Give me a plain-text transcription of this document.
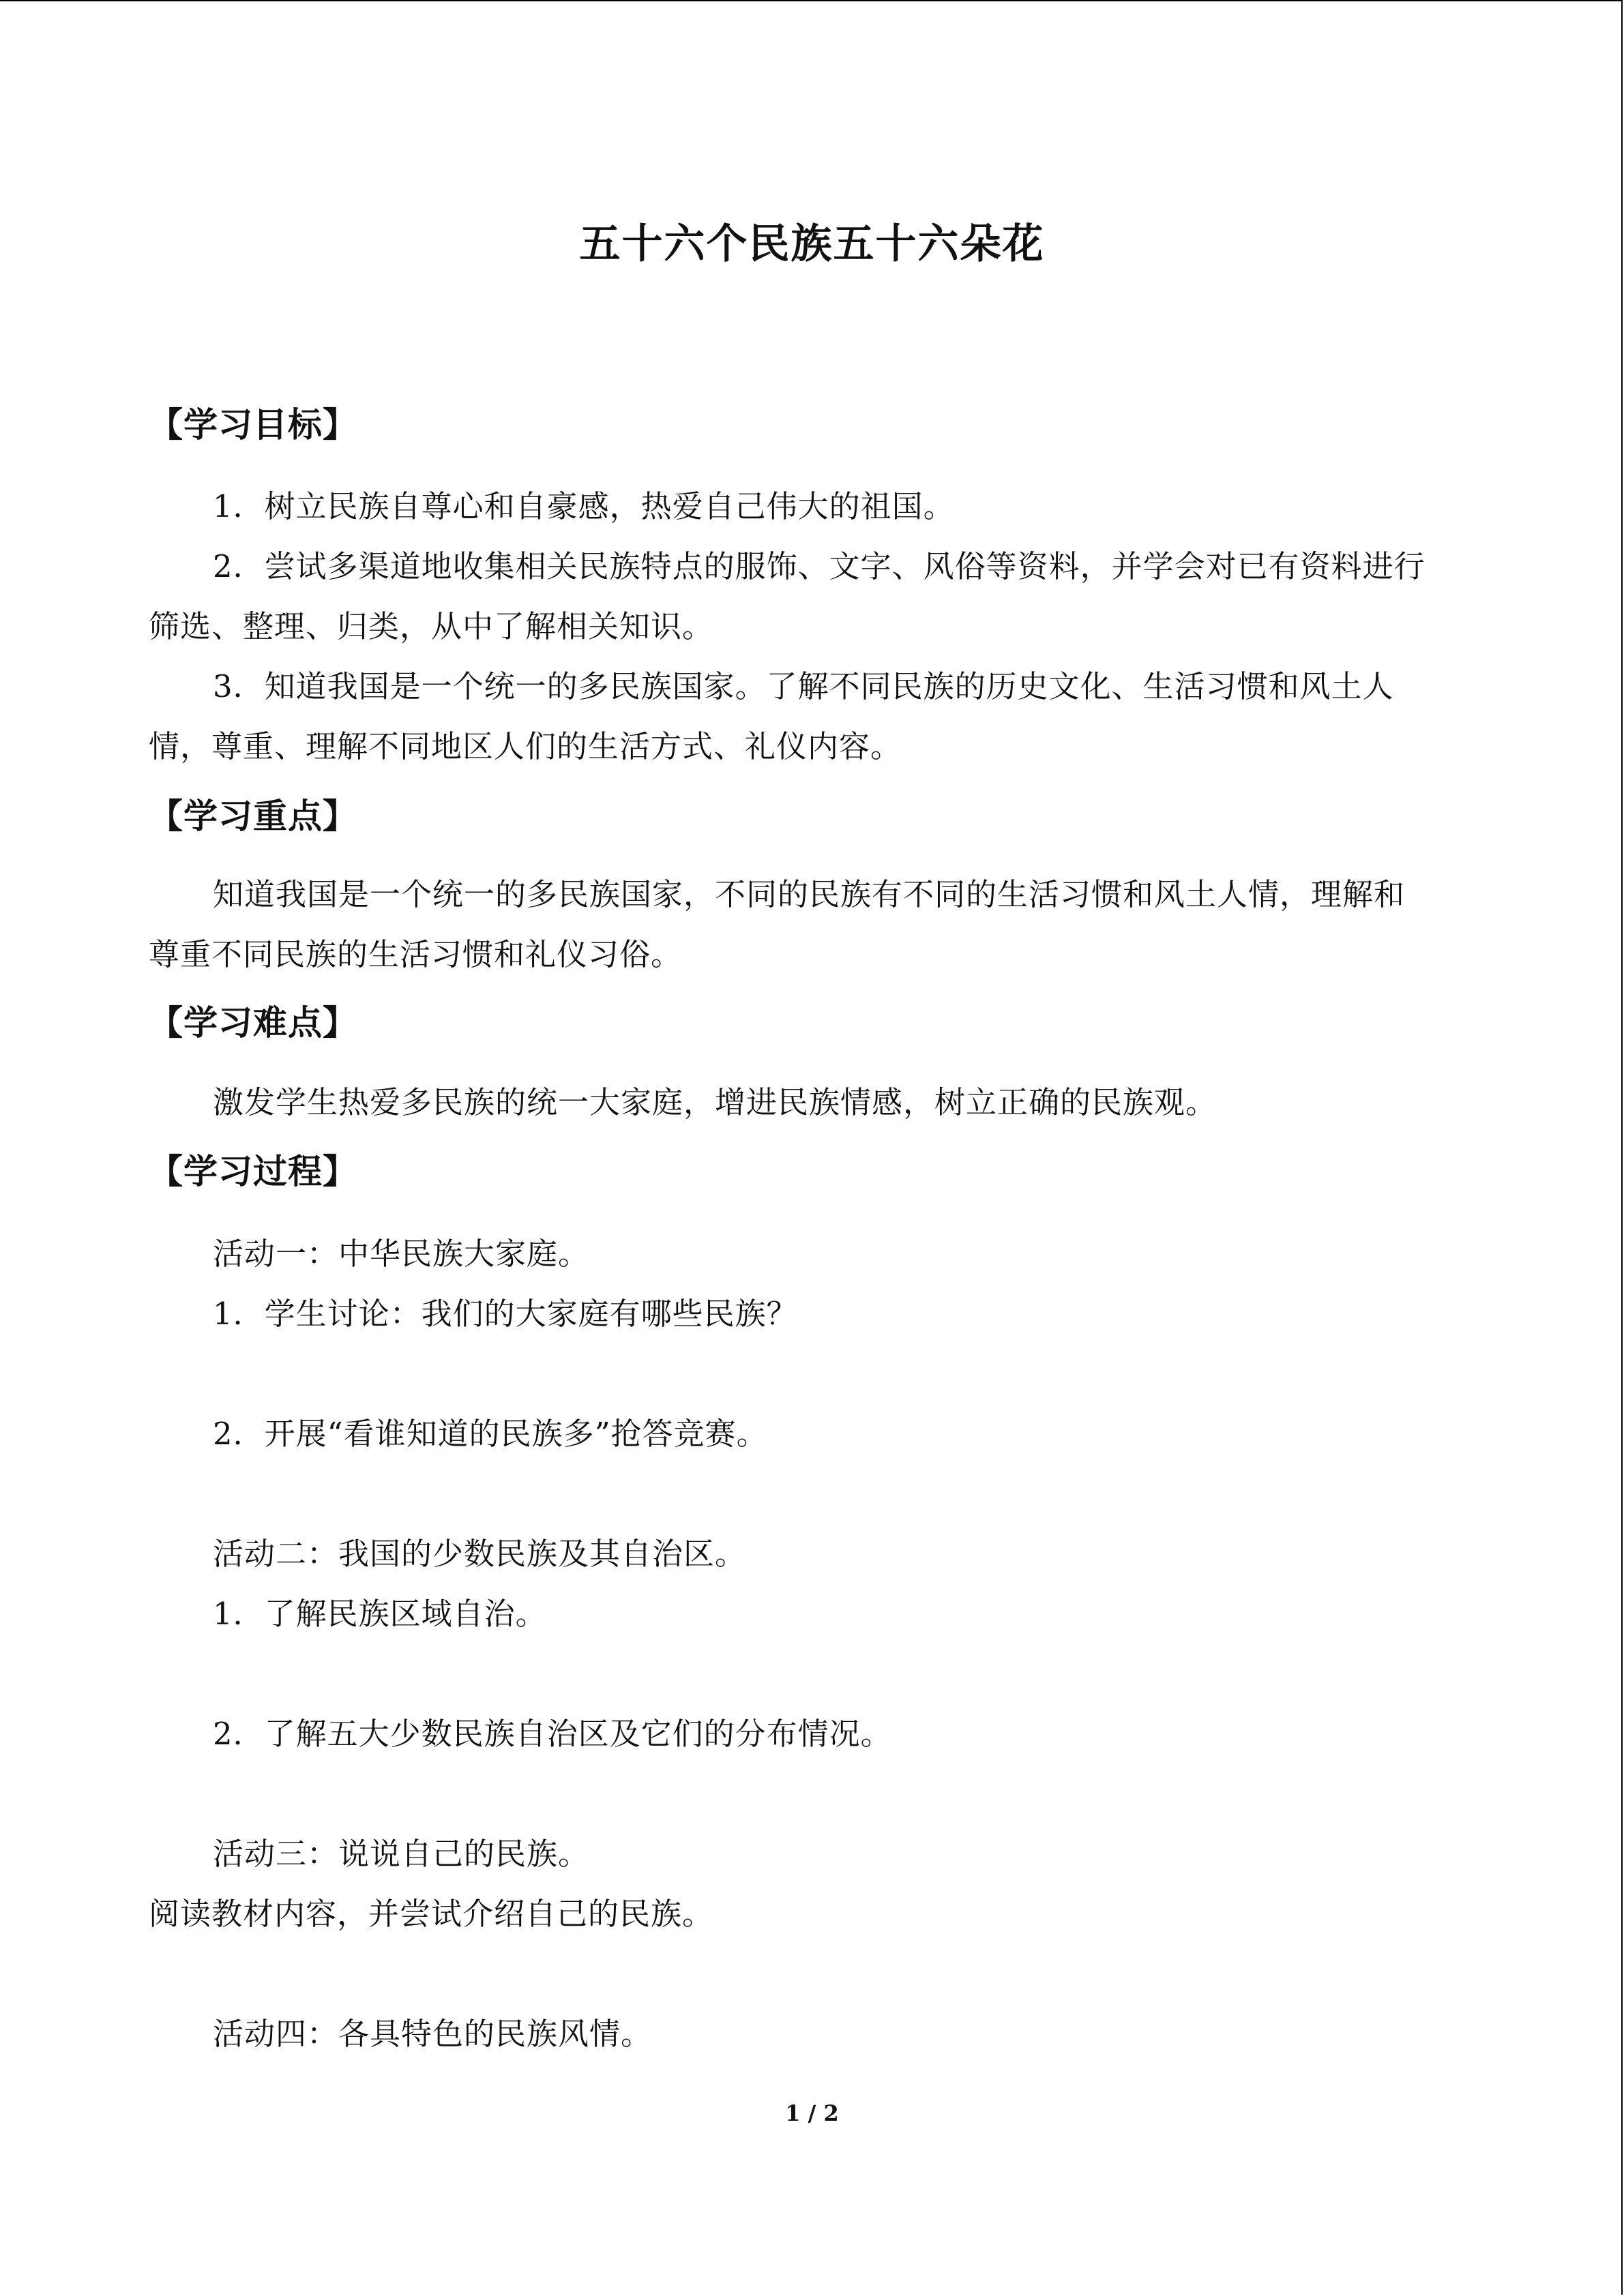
五十六个民族五十六朵花
【学习目标】
1．树立民族自尊心和自豪感，热爱自己伟大的祖国。
2．尝试多渠道地收集相关民族特点的服饰、文字、风俗等资料，并学会对已有资料进行
筛选、整理、归类，从中了解相关知识。
3．知道我国是一个统一的多民族国家。了解不同民族的历史文化、生活习惯和风土人
情，尊重、理解不同地区人们的生活方式、礼仪内容。
【学习重点】
知道我国是一个统一的多民族国家，不同的民族有不同的生活习惯和风土人情，理解和
尊重不同民族的生活习惯和礼仪习俗。
【学习难点】
激发学生热爱多民族的统一大家庭，增进民族情感，树立正确的民族观。
【学习过程】
活动一：中华民族大家庭。
1．学生讨论：我们的大家庭有哪些民族？
2．开展“看谁知道的民族多”抢答竞赛。
活动二：我国的少数民族及其自治区。
1．了解民族区域自治。
2．了解五大少数民族自治区及它们的分布情况。
活动三：说说自己的民族。
阅读教材内容，并尝试介绍自己的民族。
活动四：各具特色的民族风情。
1 / 2
